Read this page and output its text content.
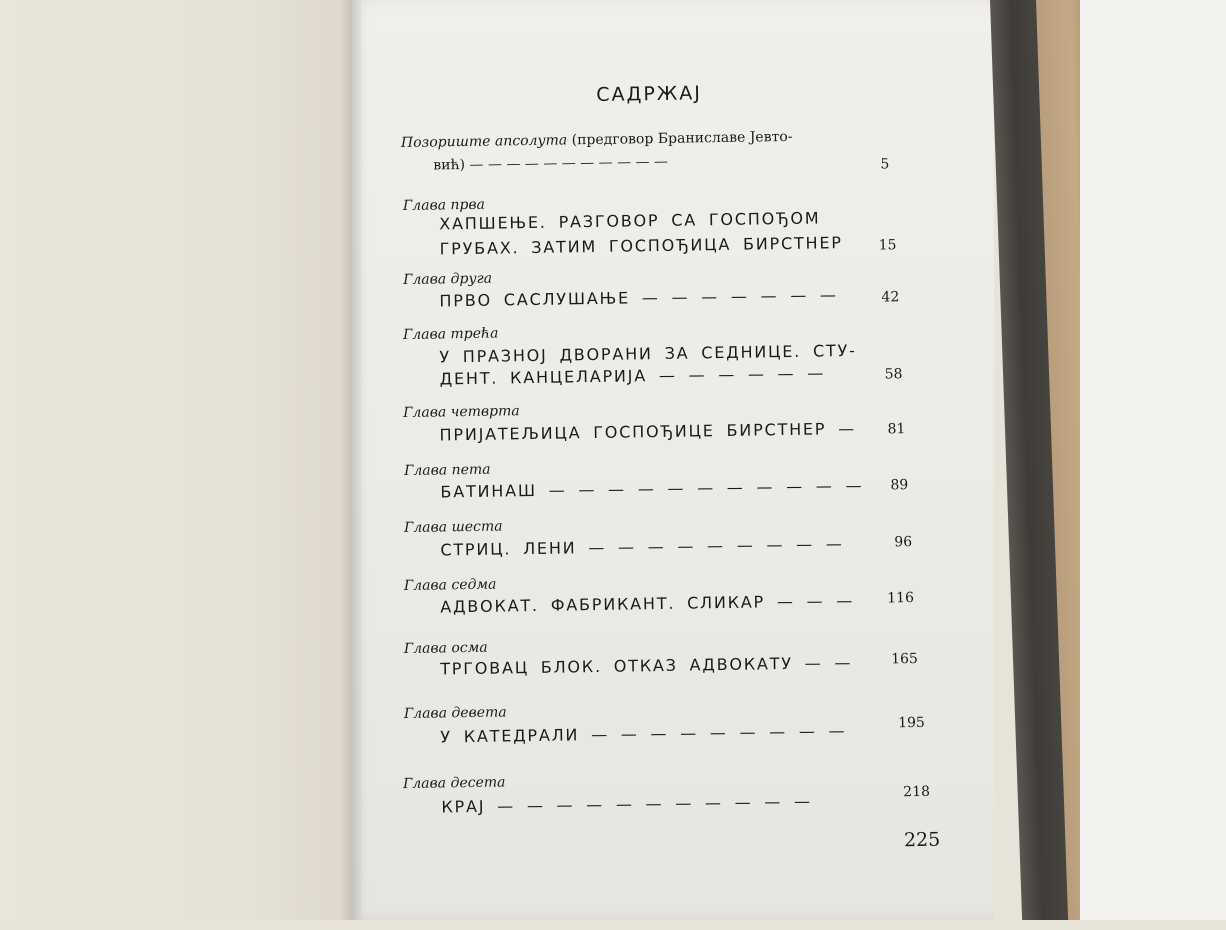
САДРЖАЈ
Позориште апсолута (предговор Браниславе Јевто-
вић) — — — — — — — — — — —	5
Глава прва
ХАПШЕЊЕ. РАЗГОВОР СА ГОСПОЂОМ
ГРУБАХ. ЗАТИМ ГОСПОЂИЦА БИРСТНЕР	15
Глава друга
ПРВО САСЛУШАЊЕ — — — — — — —	42
Глава трећа
У ПРАЗНОЈ ДВОРАНИ ЗА СЕДНИЦЕ. СТУ-
ДЕНТ. КАНЦЕЛАРИЈА — — — — — —	58
Глава четврта
ПРИЈАТЕЉИЦА ГОСПОЂИЦЕ БИРСТНЕР — 81
Глава пета
БАТИНАШ — — — — — — — — — — — 89
Глава шеста
СТРИЦ. ЛЕНИ — — — — — — — — —	96
Глава седма
АДВОКАТ. ФАБРИКАНТ. СЛИКАР — — — 116
Глава осма
ТРГОВАЦ БЛОК. ОТКАЗ АДВОКАТУ — —	165
Глава девета
У КАТЕДРАЛИ — — — — — — — — —	195
Глава десета
КРАЈ — — — — — — — — — — —	218
225
